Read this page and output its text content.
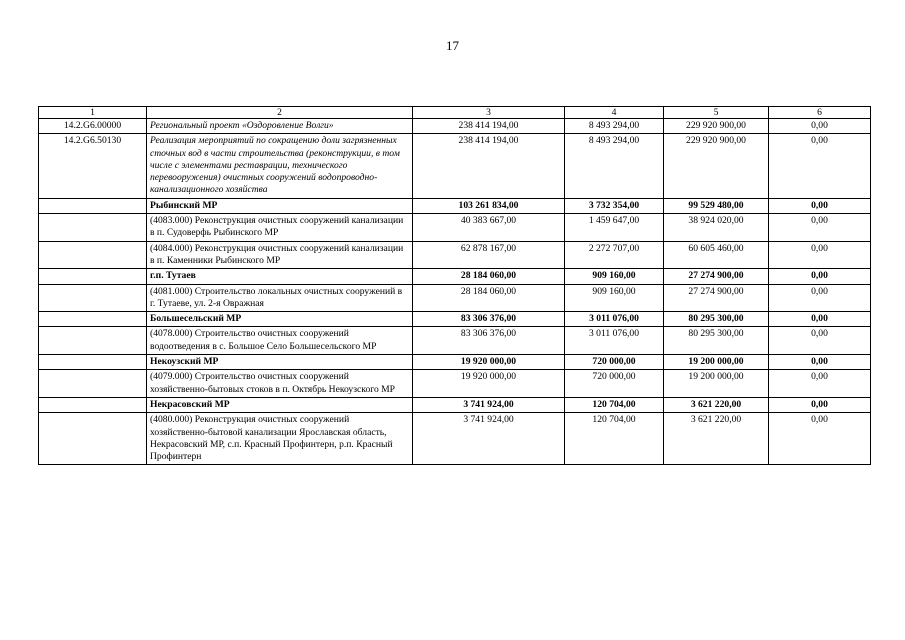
17
1	2	3	4	5	6
14.2.G6.00000	Региональный проект «Оздоровление Волги»	238 414 194,00	8 493 294,00	229 920 900,00	0,00
14.2.G6.50130	Реализация мероприятий по сокращению доли загрязненных сточных вод в части строительства (реконструкции, в том числе с элементами реставрации, технического перевооружения) очистных сооружений водопроводно-канализационного хозяйства	238 414 194,00	8 493 294,00	229 920 900,00	0,00
	Рыбинский МР	103 261 834,00	3 732 354,00	99 529 480,00	0,00
	(4083.000) Реконструкция очистных сооружений канализации в п. Судоверфь Рыбинского МР	40 383 667,00	1 459 647,00	38 924 020,00	0,00
	(4084.000) Реконструкция очистных сооружений канализации в п. Каменники Рыбинского МР	62 878 167,00	2 272 707,00	60 605 460,00	0,00
	г.п. Тутаев	28 184 060,00	909 160,00	27 274 900,00	0,00
	(4081.000) Строительство локальных очистных сооружений в г. Тутаеве, ул. 2-я Овражная	28 184 060,00	909 160,00	27 274 900,00	0,00
	Большесельский МР	83 306 376,00	3 011 076,00	80 295 300,00	0,00
	(4078.000) Строительство очистных сооружений водоотведения в с. Большое Село Большесельского МР	83 306 376,00	3 011 076,00	80 295 300,00	0,00
	Некоузский МР	19 920 000,00	720 000,00	19 200 000,00	0,00
	(4079.000) Строительство очистных сооружений хозяйственно-бытовых стоков в п. Октябрь Некоузского МР	19 920 000,00	720 000,00	19 200 000,00	0,00
	Некрасовский МР	3 741 924,00	120 704,00	3 621 220,00	0,00
	(4080.000) Реконструкция очистных сооружений хозяйственно-бытовой канализации Ярославская область, Некрасовский МР, с.п. Красный Профинтерн, р.п. Красный Профинтерн	3 741 924,00	120 704,00	3 621 220,00	0,00
